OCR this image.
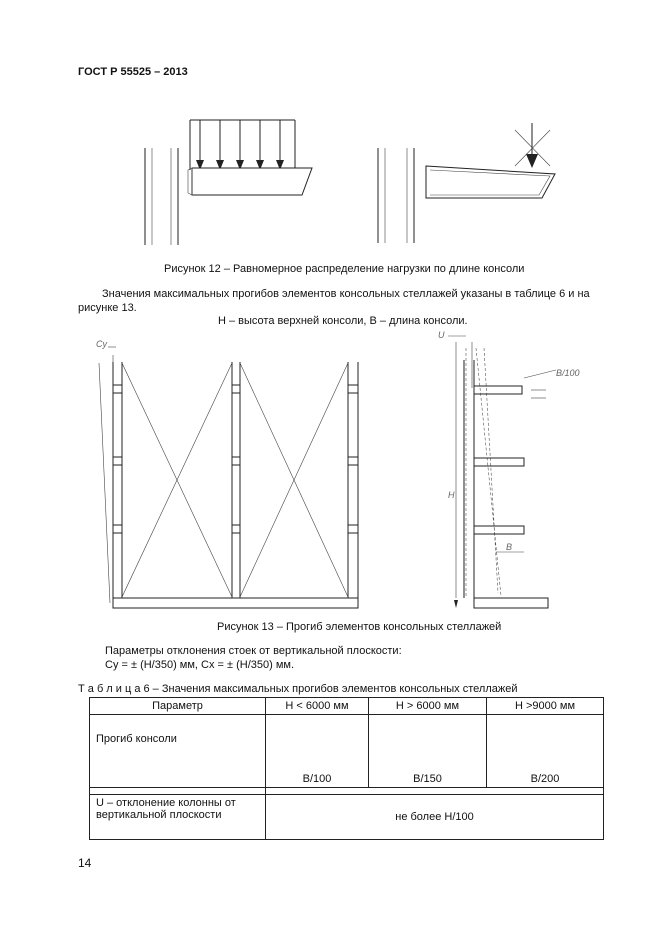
ГОСТ Р 55525 – 2013
Рисунок 12 – Равномерное распределение нагрузки по длине консоли
Значения максимальных прогибов элементов консольных стеллажей указаны в таблице 6 и на
рисунке 13.
H – высота верхней консоли, B – длина консоли.
Cy
U
B/100
H
B
Рисунок 13 – Прогиб элементов консольных стеллажей
Параметры отклонения стоек от вертикальной плоскости:
Cy = ± (H/350) мм, Cx = ± (H/350) мм.
Т а б л и ц а 6 – Значения максимальных прогибов элементов консольных стеллажей
Параметр	H < 6000 мм	H > 6000 мм	H >9000 мм
Прогиб консоли	B/100	B/150	B/200

U – отклонение колонны от
вертикальной плоскости	не более H/100		
14
